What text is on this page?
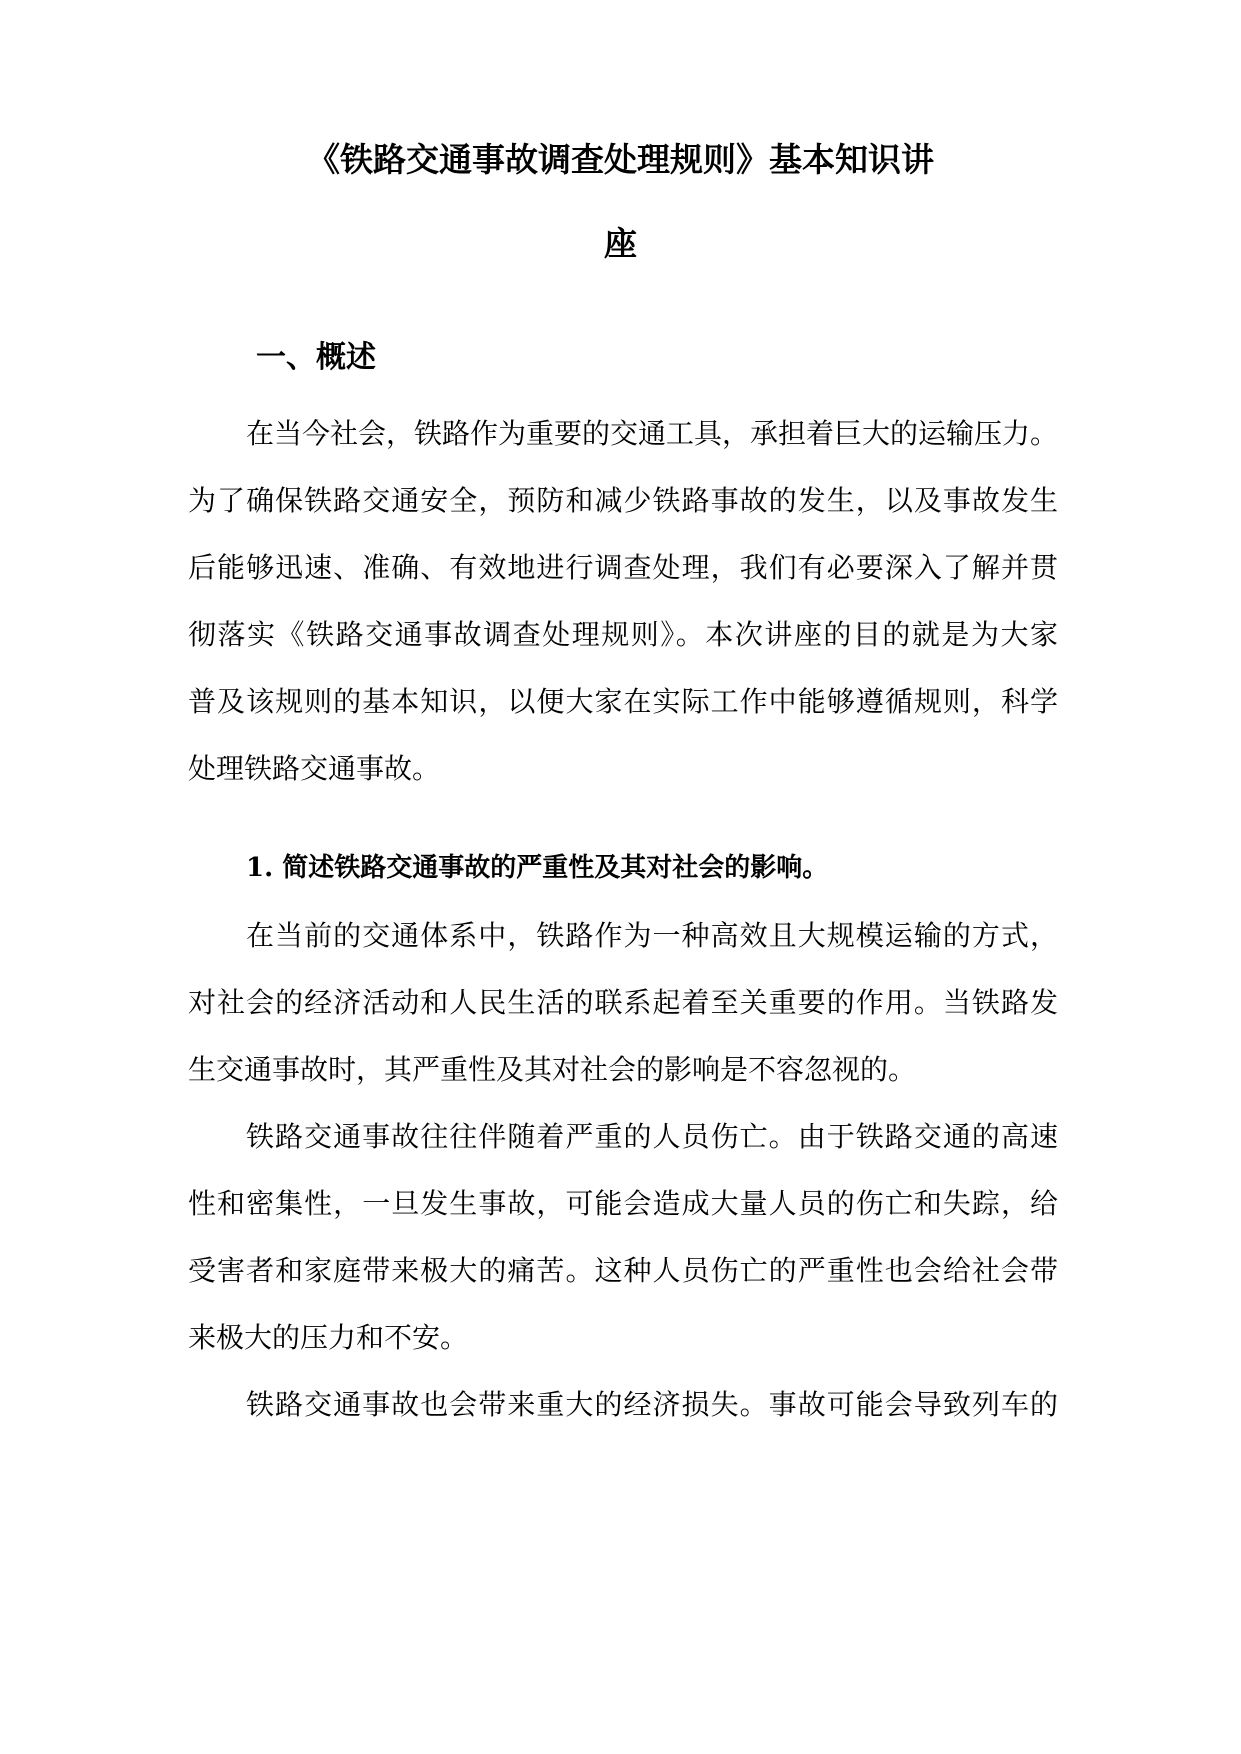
《铁路交通事故调查处理规则》基本知识讲
座
一、概述
在当今社会，铁路作为重要的交通工具，承担着巨大的运输压力。
为了确保铁路交通安全，预防和减少铁路事故的发生，以及事故发生
后能够迅速、准确、有效地进行调查处理，我们有必要深入了解并贯
彻落实《铁路交通事故调查处理规则》。本次讲座的目的就是为大家
普及该规则的基本知识，以便大家在实际工作中能够遵循规则，科学
处理铁路交通事故。
1. 简述铁路交通事故的严重性及其对社会的影响。
在当前的交通体系中，铁路作为一种高效且大规模运输的方式，
对社会的经济活动和人民生活的联系起着至关重要的作用。当铁路发
生交通事故时，其严重性及其对社会的影响是不容忽视的。
铁路交通事故往往伴随着严重的人员伤亡。由于铁路交通的高速
性和密集性，一旦发生事故，可能会造成大量人员的伤亡和失踪，给
受害者和家庭带来极大的痛苦。这种人员伤亡的严重性也会给社会带
来极大的压力和不安。
铁路交通事故也会带来重大的经济损失。事故可能会导致列车的
